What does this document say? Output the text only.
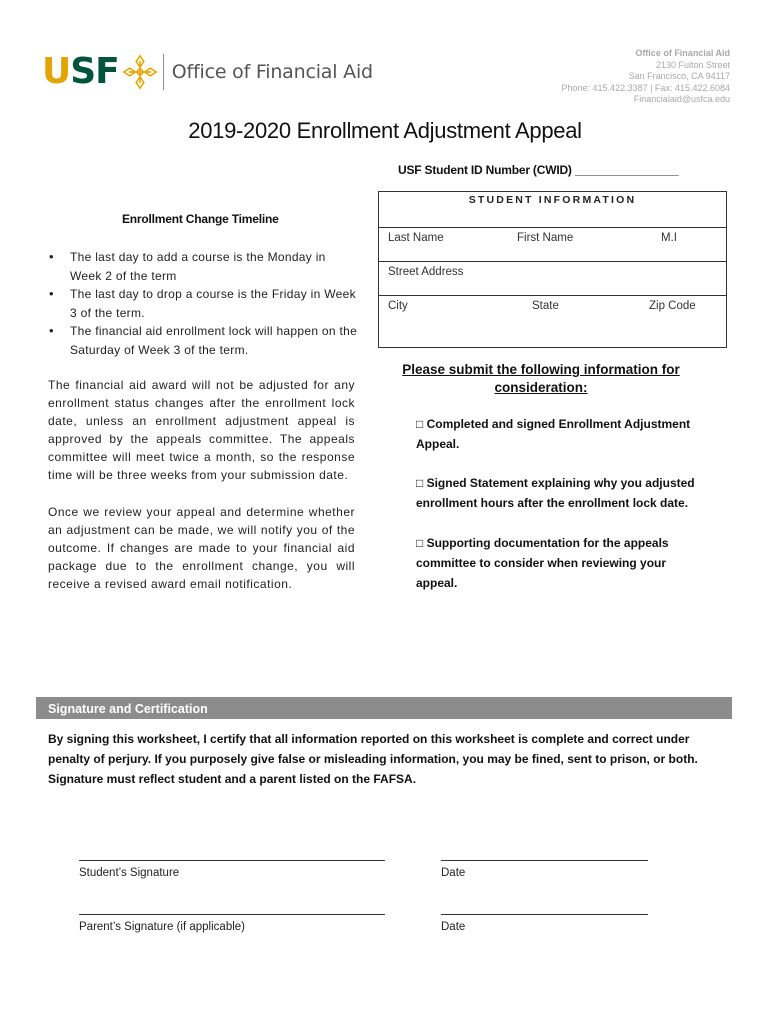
USF	Office of Financial Aid
Office of Financial Aid
2130 Fulton Street
San Francisco, CA 94117
Phone: 415.422.3387 | Fax: 415.422.6084
Financialaid@usfca.edu
2019-2020 Enrollment Adjustment Appeal
USF Student ID Number (CWID) ________________
STUDENT INFORMATION
Last Name	First Name	M.I
Street Address
City	State	Zip Code
Enrollment Change Timeline
• The last day to add a course is the Monday in Week 2 of the term
• The last day to drop a course is the Friday in Week 3 of the term.
• The financial aid enrollment lock will happen on the Saturday of Week 3 of the term.
The financial aid award will not be adjusted for any enrollment status changes after the enrollment lock date, unless an enrollment adjustment appeal is approved by the appeals committee. The appeals committee will meet twice a month, so the response time will be three weeks from your submission date.
Once we review your appeal and determine whether an adjustment can be made, we will notify you of the outcome. If changes are made to your financial aid package due to the enrollment change, you will receive a revised award email notification.
Please submit the following information for consideration:
□ Completed and signed Enrollment Adjustment Appeal.
□ Signed Statement explaining why you adjusted enrollment hours after the enrollment lock date.
□ Supporting documentation for the appeals committee to consider when reviewing your appeal.
Signature and Certification
By signing this worksheet, I certify that all information reported on this worksheet is complete and correct under penalty of perjury. If you purposely give false or misleading information, you may be fined, sent to prison, or both. Signature must reflect student and a parent listed on the FAFSA.
Student’s Signature	Date
Parent’s Signature (if applicable)	Date
